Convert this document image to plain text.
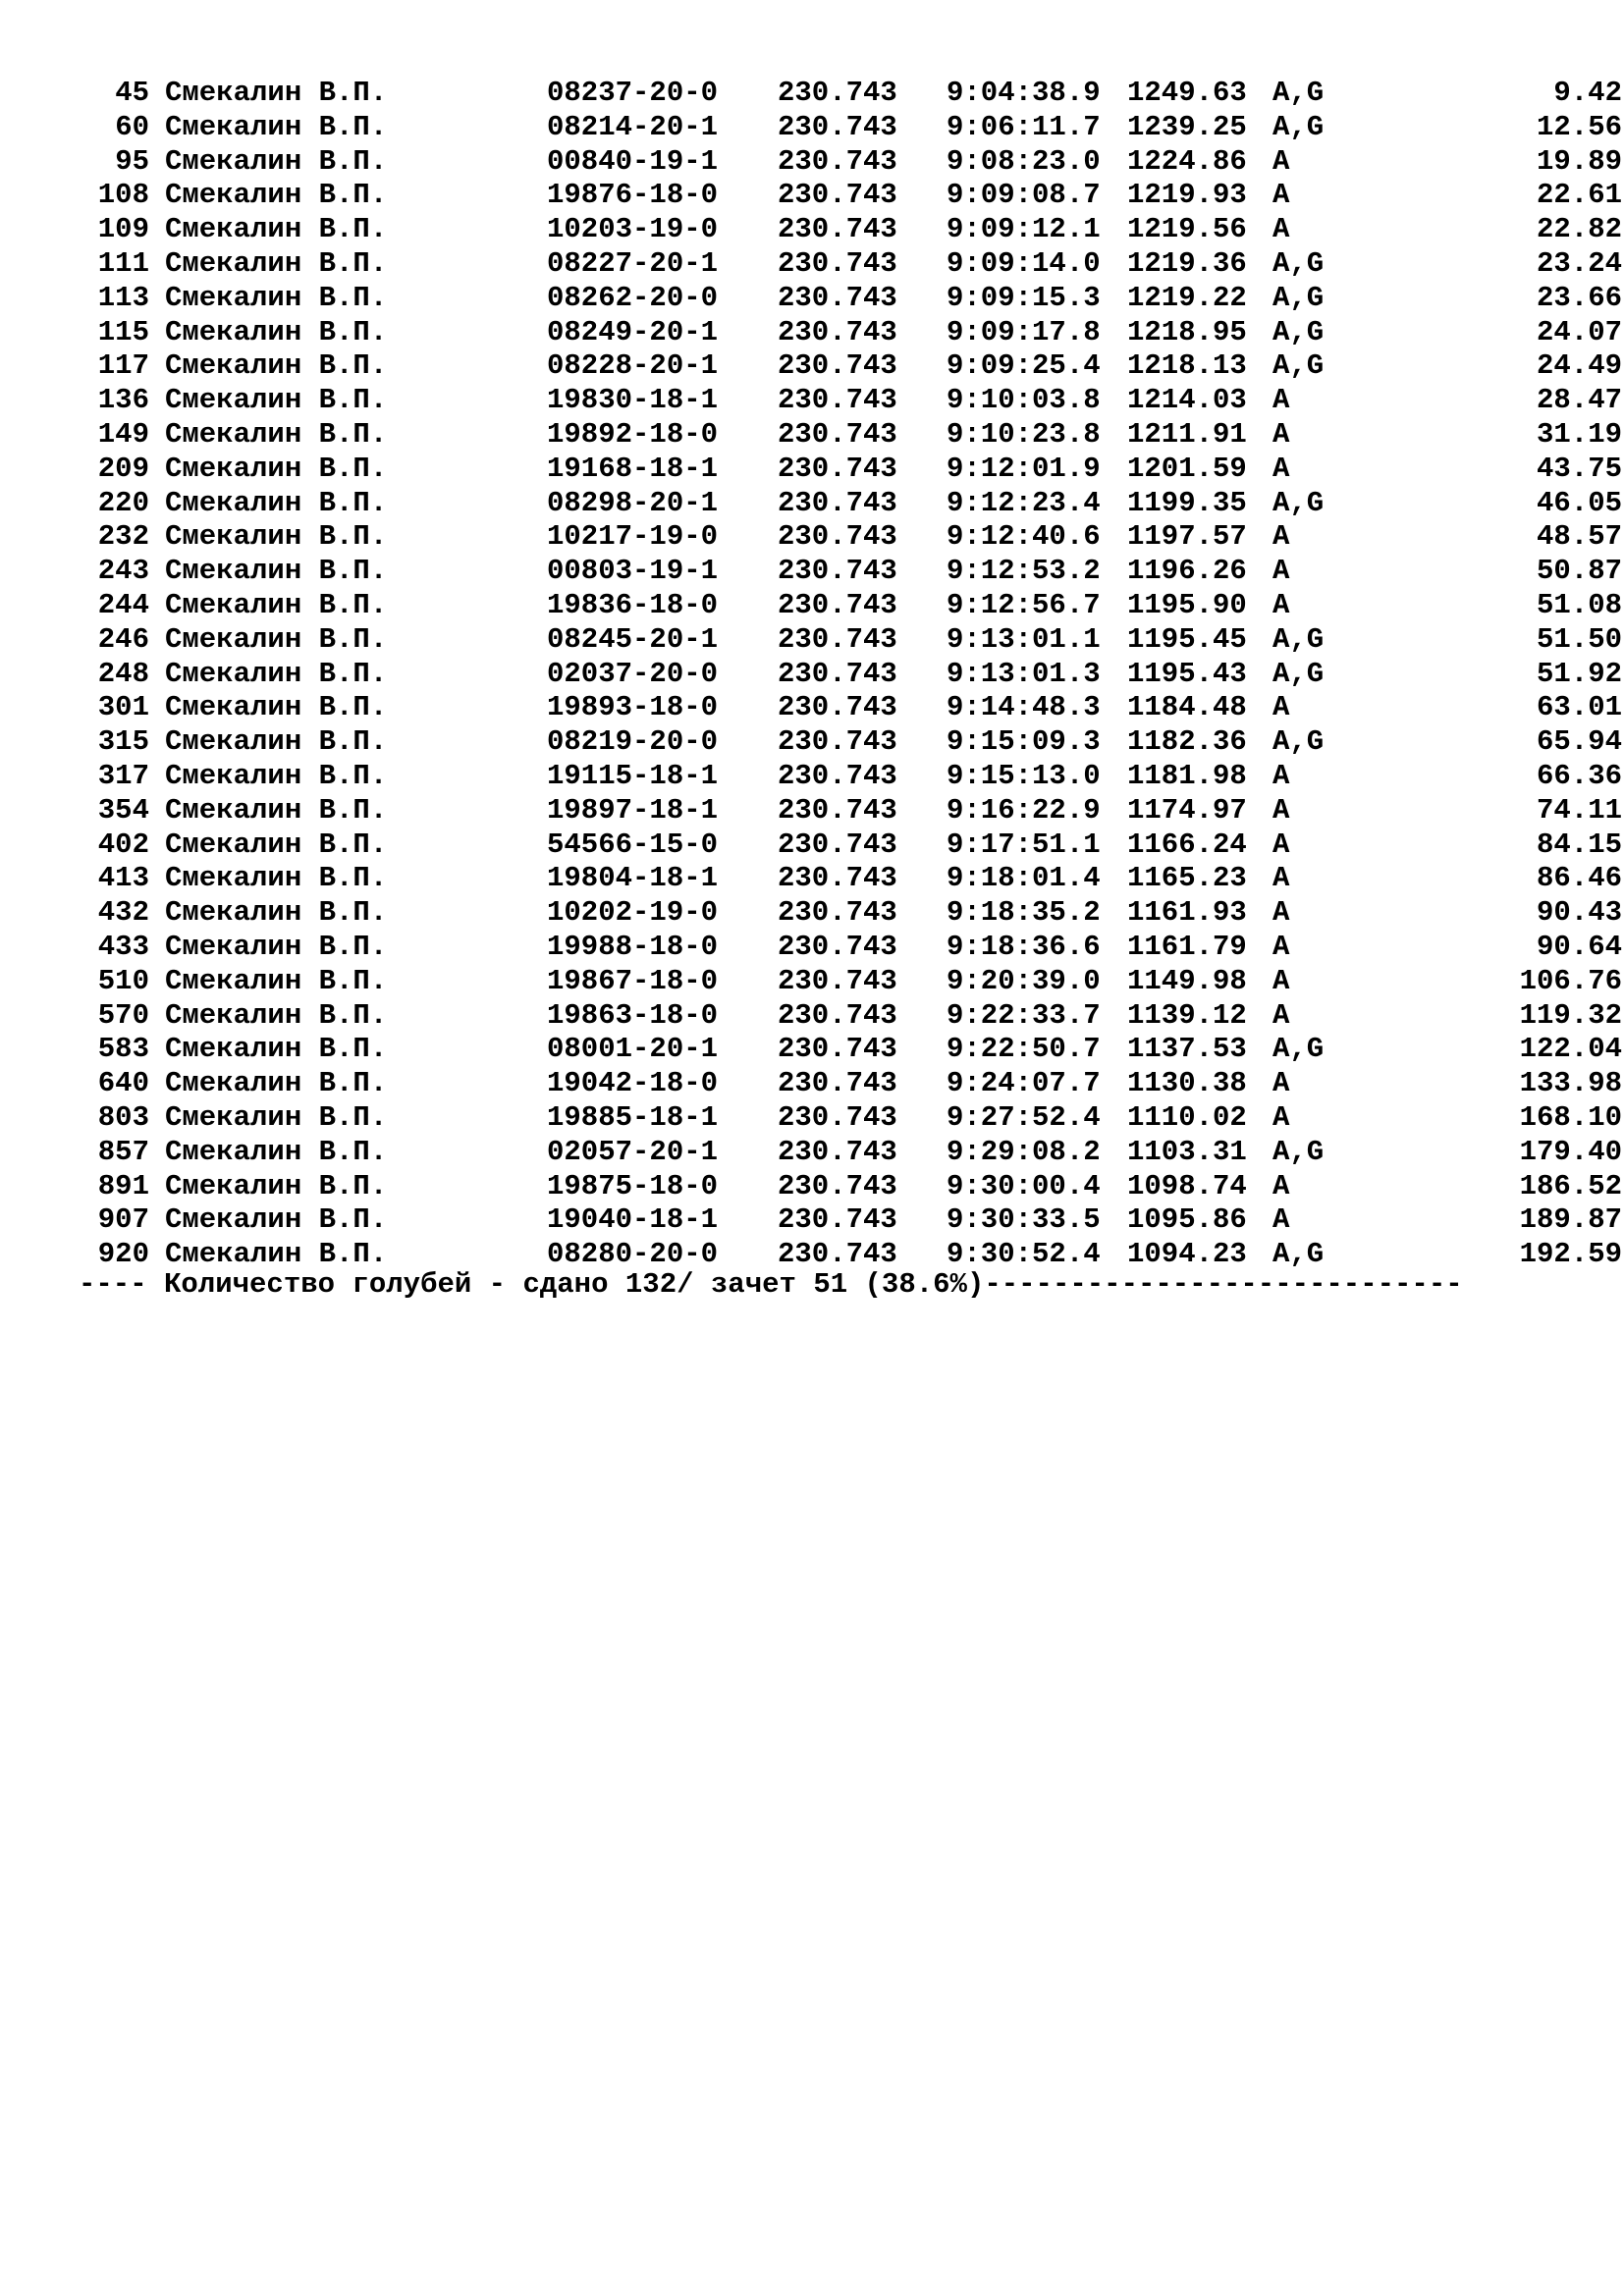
45 Смекалин В.П.	08237-20-0 230.743 9:04:38.9 1249.63 A,G	9.42
60 Смекалин В.П.	08214-20-1 230.743 9:06:11.7 1239.25 A,G	12.56
95 Смекалин В.П.	00840-19-1 230.743 9:08:23.0 1224.86 A	19.89
108 Смекалин В.П.	19876-18-0 230.743 9:09:08.7 1219.93 A	22.61
109 Смекалин В.П.	10203-19-0 230.743 9:09:12.1 1219.56 A	22.82
111 Смекалин В.П.	08227-20-1 230.743 9:09:14.0 1219.36 A,G	23.24
113 Смекалин В.П.	08262-20-0 230.743 9:09:15.3 1219.22 A,G	23.66
115 Смекалин В.П.	08249-20-1 230.743 9:09:17.8 1218.95 A,G	24.07
117 Смекалин В.П.	08228-20-1 230.743 9:09:25.4 1218.13 A,G	24.49
136 Смекалин В.П.	19830-18-1 230.743 9:10:03.8 1214.03 A	28.47
149 Смекалин В.П.	19892-18-0 230.743 9:10:23.8 1211.91 A	31.19
209 Смекалин В.П.	19168-18-1 230.743 9:12:01.9 1201.59 A	43.75
220 Смекалин В.П.	08298-20-1 230.743 9:12:23.4 1199.35 A,G	46.05
232 Смекалин В.П.	10217-19-0 230.743 9:12:40.6 1197.57 A	48.57
243 Смекалин В.П.	00803-19-1 230.743 9:12:53.2 1196.26 A	50.87
244 Смекалин В.П.	19836-18-0 230.743 9:12:56.7 1195.90 A	51.08
246 Смекалин В.П.	08245-20-1 230.743 9:13:01.1 1195.45 A,G	51.50
248 Смекалин В.П.	02037-20-0 230.743 9:13:01.3 1195.43 A,G	51.92
301 Смекалин В.П.	19893-18-0 230.743 9:14:48.3 1184.48 A	63.01
315 Смекалин В.П.	08219-20-0 230.743 9:15:09.3 1182.36 A,G	65.94
317 Смекалин В.П.	19115-18-1 230.743 9:15:13.0 1181.98 A	66.36
354 Смекалин В.П.	19897-18-1 230.743 9:16:22.9 1174.97 A	74.11
402 Смекалин В.П.	54566-15-0 230.743 9:17:51.1 1166.24 A	84.15
413 Смекалин В.П.	19804-18-1 230.743 9:18:01.4 1165.23 A	86.46
432 Смекалин В.П.	10202-19-0 230.743 9:18:35.2 1161.93 A	90.43
433 Смекалин В.П.	19988-18-0 230.743 9:18:36.6 1161.79 A	90.64
510 Смекалин В.П.	19867-18-0 230.743 9:20:39.0 1149.98 A	106.76
570 Смекалин В.П.	19863-18-0 230.743 9:22:33.7 1139.12 A	119.32
583 Смекалин В.П.	08001-20-1 230.743 9:22:50.7 1137.53 A,G	122.04
640 Смекалин В.П.	19042-18-0 230.743 9:24:07.7 1130.38 A	133.98
803 Смекалин В.П.	19885-18-1 230.743 9:27:52.4 1110.02 A	168.10
857 Смекалин В.П.	02057-20-1 230.743 9:29:08.2 1103.31 A,G	179.40
891 Смекалин В.П.	19875-18-0 230.743 9:30:00.4 1098.74 A	186.52
907 Смекалин В.П.	19040-18-1 230.743 9:30:33.5 1095.86 A	189.87
920 Смекалин В.П.	08280-20-0 230.743 9:30:52.4 1094.23 A,G	192.59
---- Количество голубей - сдано 132/ зачет 51 (38.6%)----------------------------
